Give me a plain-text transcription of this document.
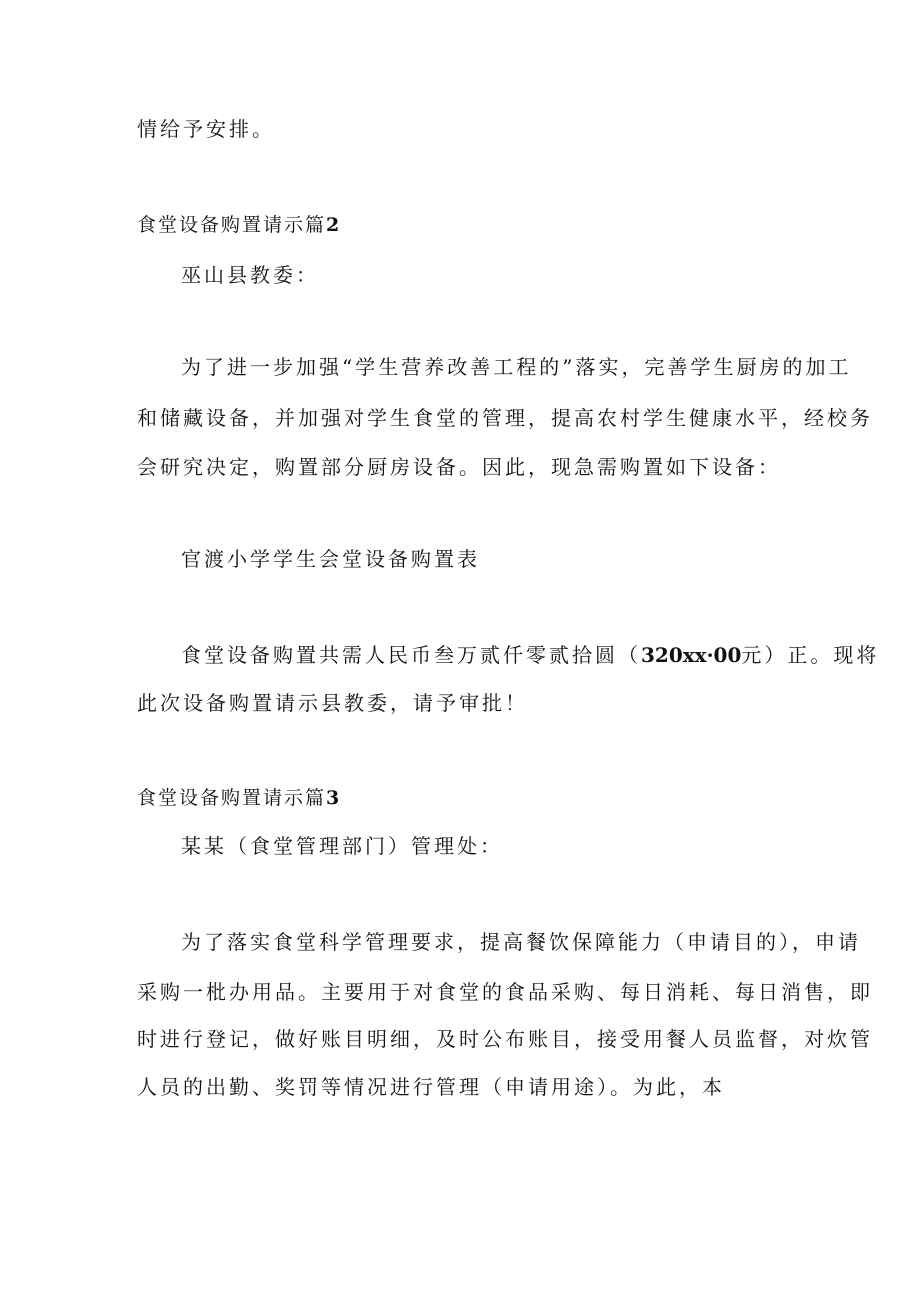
情给予安排。
食堂设备购置请示篇2
巫山县教委：
为了进一步加强“学生营养改善工程的”落实，完善学生厨房的加工
和储藏设备，并加强对学生食堂的管理，提高农村学生健康水平，经校务
会研究决定，购置部分厨房设备。因此，现急需购置如下设备：
官渡小学学生会堂设备购置表
食堂设备购置共需人民币叁万贰仟零贰拾圆（320xx·00元）正。现将
此次设备购置请示县教委，请予审批！
食堂设备购置请示篇3
某某（食堂管理部门）管理处：
为了落实食堂科学管理要求，提高餐饮保障能力（申请目的），申请
采购一枇办用品。主要用于对食堂的食品采购、每日消耗、每日消售，即
时进行登记，做好账目明细，及时公布账目，接受用餐人员监督，对炊管
人员的出勤、奖罚等情况进行管理（申请用途）。为此，本
